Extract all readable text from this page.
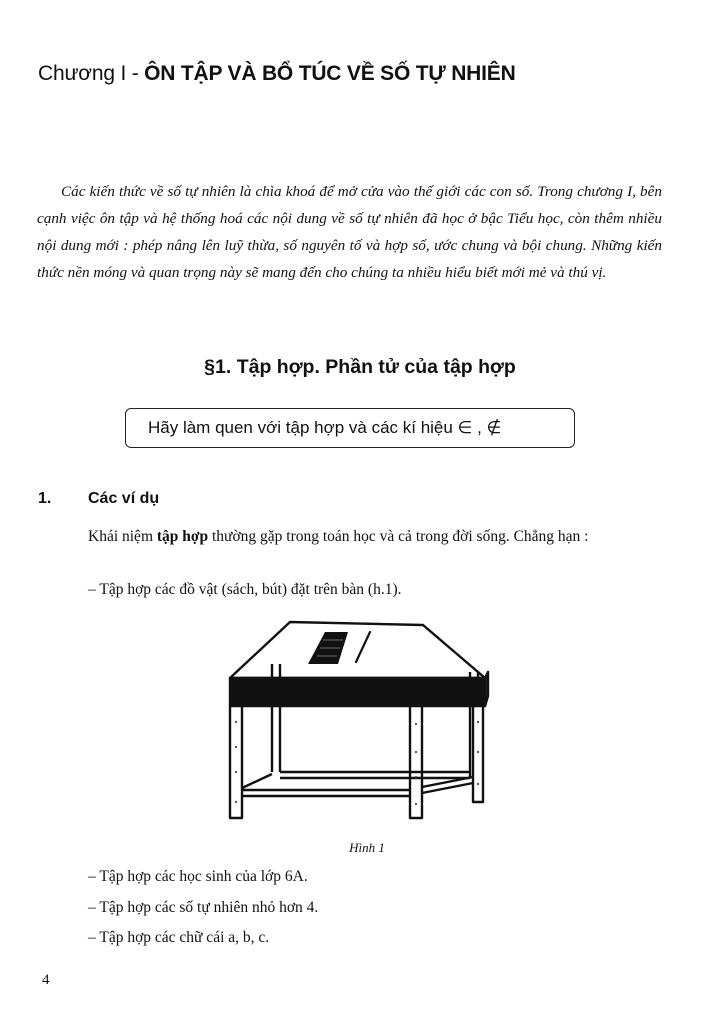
Chương I - ÔN TẬP VÀ BỔ TÚC VỀ SỐ TỰ NHIÊN

Các kiến thức về số tự nhiên là chìa khoá để mở cửa vào thế giới các con số. Trong chương I, bên cạnh việc ôn tập và hệ thống hoá các nội dung về số tự nhiên đã học ở bậc Tiểu học, còn thêm nhiều nội dung mới : phép nâng lên luỹ thừa, số nguyên tố và hợp số, ước chung và bội chung. Những kiến thức nền móng và quan trọng này sẽ mang đến cho chúng ta nhiều hiểu biết mới mẻ và thú vị.

§1. Tập hợp. Phần tử của tập hợp
Hãy làm quen với tập hợp và các kí hiệu ∈ , ∉
1. Các ví dụ

Khái niệm tập hợp thường gặp trong toán học và cả trong đời sống. Chẳng hạn :

– Tập hợp các đồ vật (sách, bút) đặt trên bàn (h.1).
Hình 1
– Tập hợp các học sinh của lớp 6A.
– Tập hợp các số tự nhiên nhỏ hơn 4.
– Tập hợp các chữ cái a, b, c.
4
